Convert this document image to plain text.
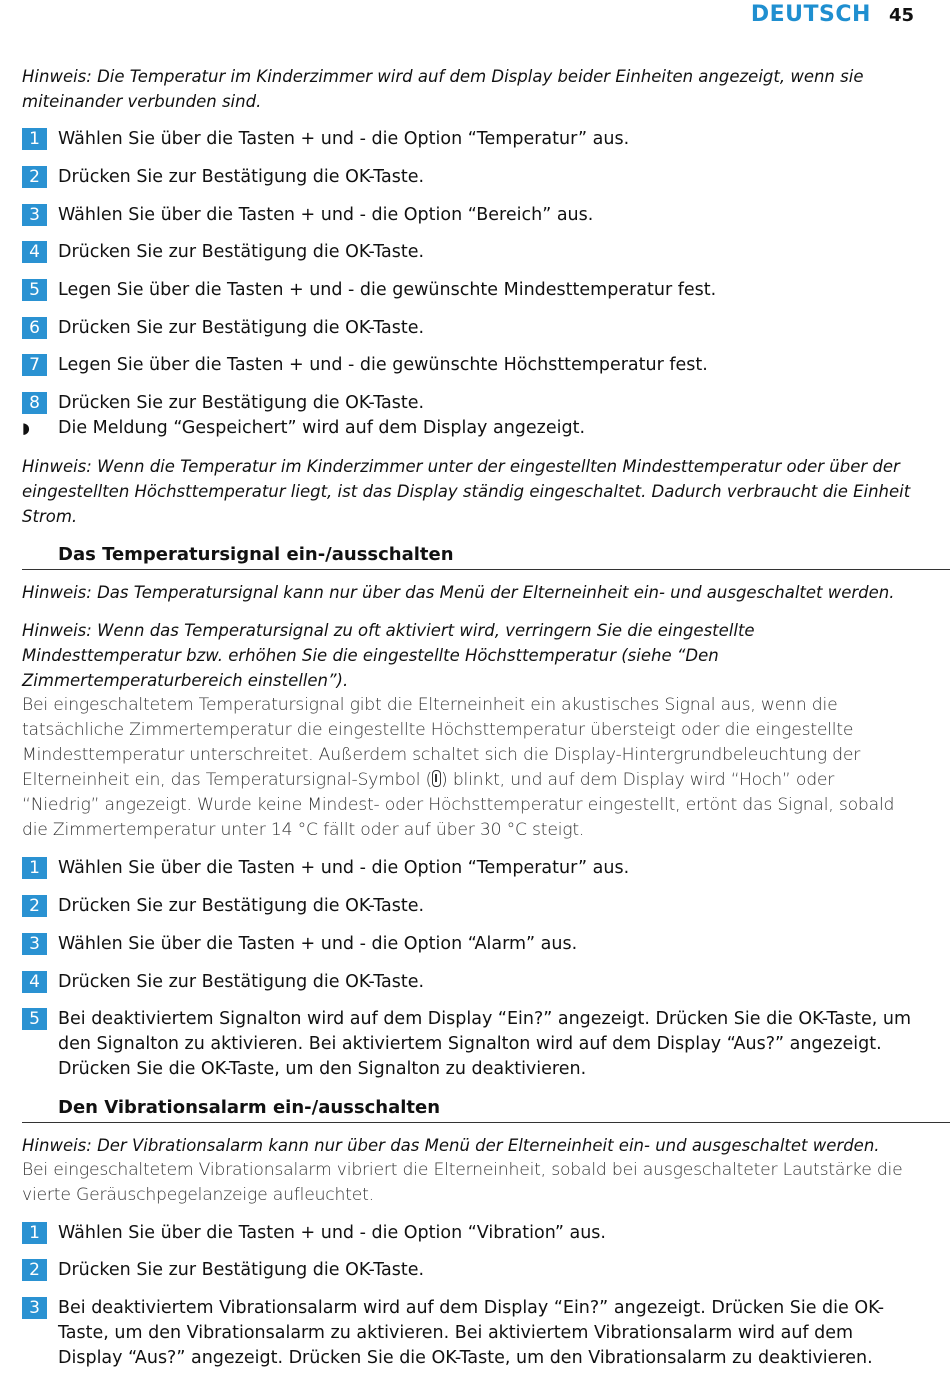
DEUTSCH 45

Hinweis: Die Temperatur im Kinderzimmer wird auf dem Display beider Einheiten angezeigt, wenn sie miteinander verbunden sind.

1	Wählen Sie über die Tasten + und - die Option “Temperatur” aus.
2	Drücken Sie zur Bestätigung die OK-Taste.
3	Wählen Sie über die Tasten + und - die Option “Bereich” aus.
4	Drücken Sie zur Bestätigung die OK-Taste.
5	Legen Sie über die Tasten + und - die gewünschte Mindesttemperatur fest.
6	Drücken Sie zur Bestätigung die OK-Taste.
7	Legen Sie über die Tasten + und - die gewünschte Höchsttemperatur fest.
8	Drücken Sie zur Bestätigung die OK-Taste.
◗	Die Meldung “Gespeichert” wird auf dem Display angezeigt.

Hinweis: Wenn die Temperatur im Kinderzimmer unter der eingestellten Mindesttemperatur oder über der eingestellten Höchsttemperatur liegt, ist das Display ständig eingeschaltet. Dadurch verbraucht die Einheit Strom.

Das Temperatursignal ein-/ausschalten

Hinweis: Das Temperatursignal kann nur über das Menü der Elterneinheit ein- und ausgeschaltet werden.

Hinweis: Wenn das Temperatursignal zu oft aktiviert wird, verringern Sie die eingestellte Mindesttemperatur bzw. erhöhen Sie die eingestellte Höchsttemperatur (siehe “Den Zimmertemperaturbereich einstellen”).

Bei eingeschaltetem Temperatursignal gibt die Elterneinheit ein akustisches Signal aus, wenn die tatsächliche Zimmertemperatur die eingestellte Höchsttemperatur übersteigt oder die eingestellte Mindesttemperatur unterschreitet. Außerdem schaltet sich die Display-Hintergrundbeleuchtung der Elterneinheit ein, das Temperatursignal-Symbol ( ) blinkt, und auf dem Display wird “Hoch” oder “Niedrig” angezeigt. Wurde keine Mindest- oder Höchsttemperatur eingestellt, ertönt das Signal, sobald die Zimmertemperatur unter 14 °C fällt oder auf über 30 °C steigt.

1	Wählen Sie über die Tasten + und - die Option “Temperatur” aus.
2	Drücken Sie zur Bestätigung die OK-Taste.
3	Wählen Sie über die Tasten + und - die Option “Alarm” aus.
4	Drücken Sie zur Bestätigung die OK-Taste.
5	Bei deaktiviertem Signalton wird auf dem Display “Ein?” angezeigt. Drücken Sie die OK-Taste, um den Signalton zu aktivieren. Bei aktiviertem Signalton wird auf dem Display “Aus?” angezeigt. Drücken Sie die OK-Taste, um den Signalton zu deaktivieren.
Den Vibrationsalarm ein-/ausschalten

Hinweis: Der Vibrationsalarm kann nur über das Menü der Elterneinheit ein- und ausgeschaltet werden.

Bei eingeschaltetem Vibrationsalarm vibriert die Elterneinheit, sobald bei ausgeschalteter Lautstärke die vierte Geräuschpegelanzeige aufleuchtet.

1	Wählen Sie über die Tasten + und - die Option “Vibration” aus.
2	Drücken Sie zur Bestätigung die OK-Taste.
3	Bei deaktiviertem Vibrationsalarm wird auf dem Display “Ein?” angezeigt. Drücken Sie die OK-Taste, um den Vibrationsalarm zu aktivieren. Bei aktiviertem Vibrationsalarm wird auf dem Display “Aus?” angezeigt. Drücken Sie die OK-Taste, um den Vibrationsalarm zu deaktivieren.
